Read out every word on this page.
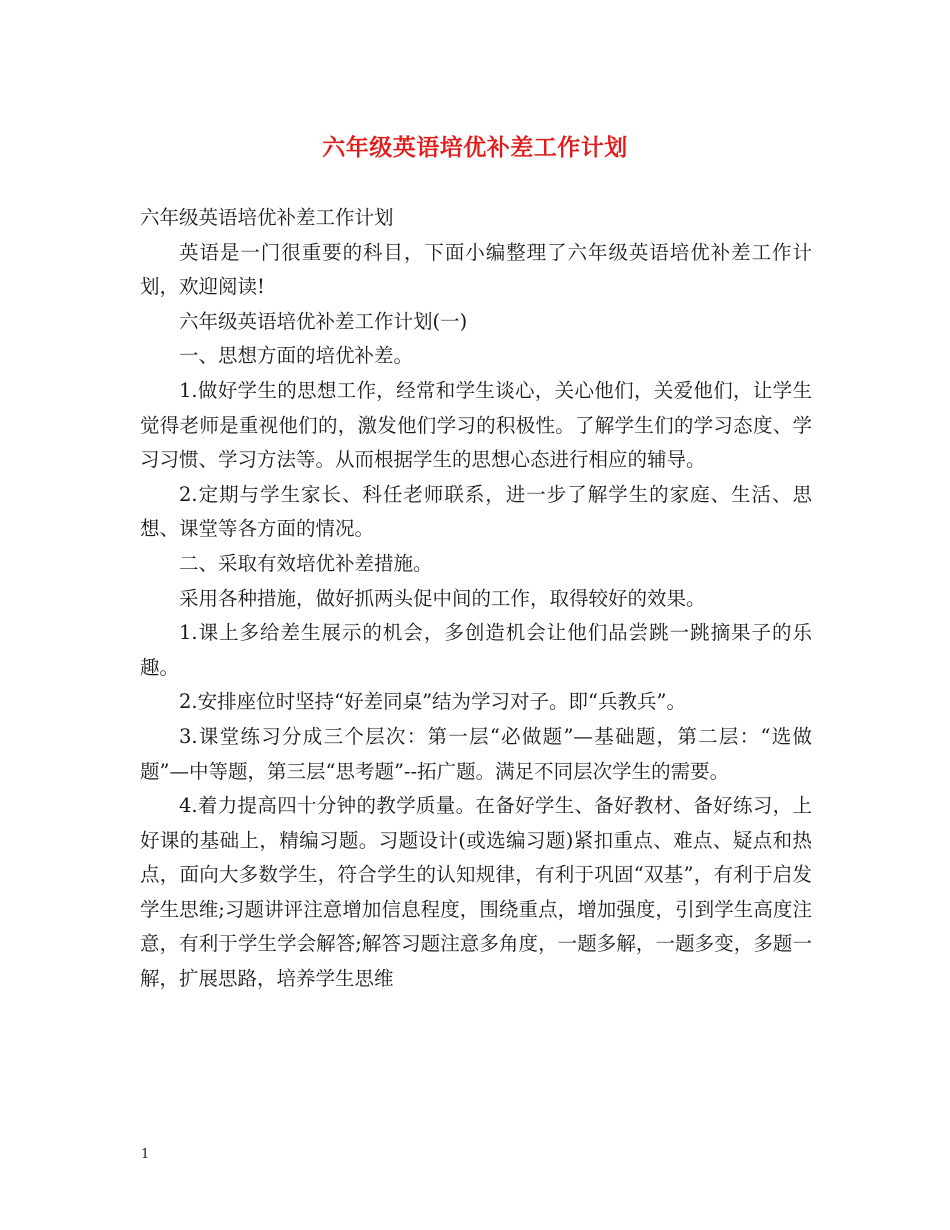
六年级英语培优补差工作计划

六年级英语培优补差工作计划

英语是一门很重要的科目，下面小编整理了六年级英语培优补差工作计划，欢迎阅读!

六年级英语培优补差工作计划(一)

一、思想方面的培优补差。

1.做好学生的思想工作，经常和学生谈心，关心他们，关爱他们，让学生觉得老师是重视他们的，激发他们学习的积极性。了解学生们的学习态度、学习习惯、学习方法等。从而根据学生的思想心态进行相应的辅导。

2.定期与学生家长、科任老师联系，进一步了解学生的家庭、生活、思想、课堂等各方面的情况。

二、采取有效培优补差措施。

采用各种措施，做好抓两头促中间的工作，取得较好的效果。

1.课上多给差生展示的机会，多创造机会让他们品尝跳一跳摘果子的乐趣。

2.安排座位时坚持“好差同桌”结为学习对子。即“兵教兵”。

3.课堂练习分成三个层次：第一层“必做题”—基础题，第二层：“选做题”—中等题，第三层“思考题”--拓广题。满足不同层次学生的需要。

4.着力提高四十分钟的教学质量。在备好学生、备好教材、备好练习，上好课的基础上，精编习题。习题设计(或选编习题)紧扣重点、难点、疑点和热点，面向大多数学生，符合学生的认知规律，有利于巩固“双基”，有利于启发学生思维;习题讲评注意增加信息程度，围绕重点，增加强度，引到学生高度注意，有利于学生学会解答;解答习题注意多角度，一题多解，一题多变，多题一解，扩展思路，培养学生思维

1
